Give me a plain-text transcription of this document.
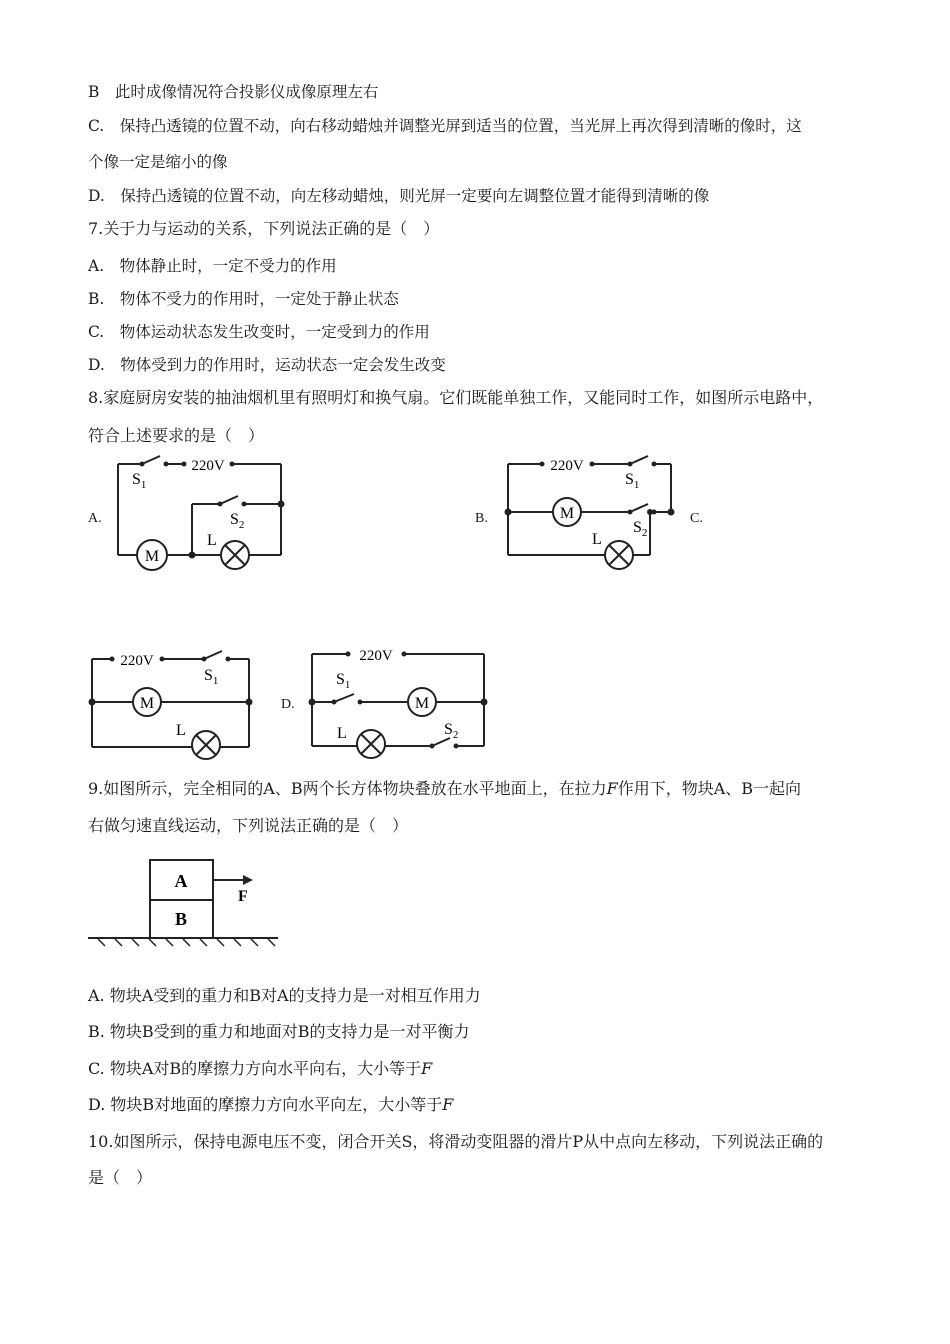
B　此时成像情况符合投影仪成像原理左右
C.　保持凸透镜的位置不动，向右移动蜡烛并调整光屏到适当的位置，当光屏上再次得到清晰的像时，这
个像一定是缩小的像
D.　保持凸透镜的位置不动，向左移动蜡烛，则光屏一定要向左调整位置才能得到清晰的像
7.关于力与运动的关系，下列说法正确的是（　）
A.　物体静止时，一定不受力的作用
B.　物体不受力的作用时，一定处于静止状态
C.　物体运动状态发生改变时，一定受到力的作用
D.　物体受到力的作用时，运动状态一定会发生改变
8.家庭厨房安装的抽油烟机里有照明灯和换气扇。它们既能单独工作，又能同时工作，如图所示电路中，
符合上述要求的是（　）
A.	B.	C.
D.
220V
$S_1$
$S_2$
M
L
220V
$S_1$
$S_2$
M
L
220V
$S_1$
M
L
220V
$S_1$
$S_2$
M
L
9.如图所示，完全相同的A、B两个长方体物块叠放在水平地面上，在拉力F作用下，物块A、B一起向
右做匀速直线运动，下列说法正确的是（　）
A
B
F
A. 物块A受到的重力和B对A的支持力是一对相互作用力
B. 物块B受到的重力和地面对B的支持力是一对平衡力
C. 物块A对B的摩擦力方向水平向右，大小等于F
D. 物块B对地面的摩擦力方向水平向左，大小等于F
10.如图所示，保持电源电压不变，闭合开关S，将滑动变阻器的滑片P从中点向左移动，下列说法正确的
是（　）
